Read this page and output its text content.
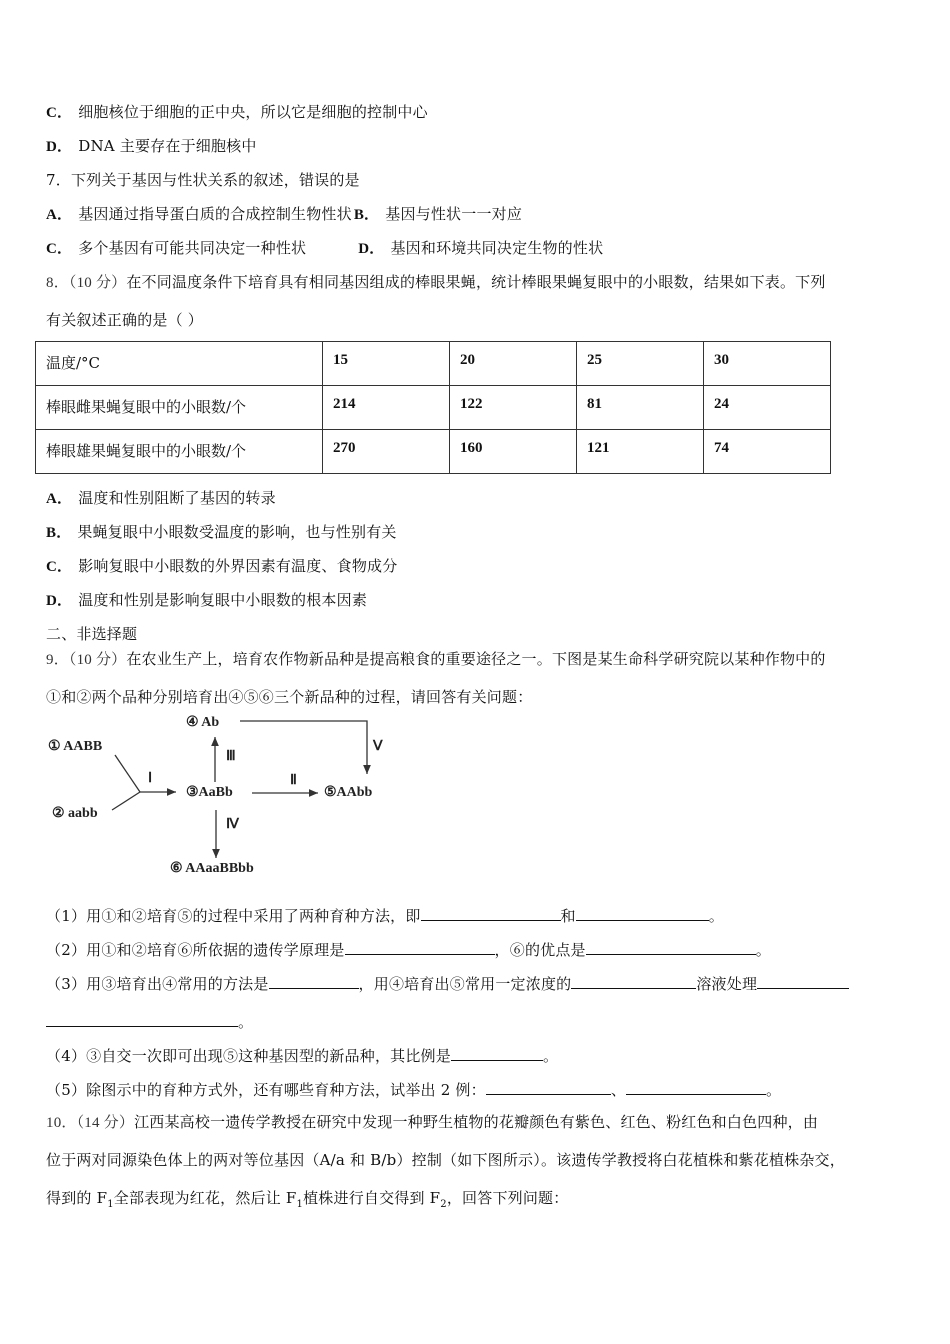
C． 细胞核位于细胞的正中央，所以它是细胞的控制中心
D． DNA 主要存在于细胞核中
7．下列关于基因与性状关系的叙述，错误的是
A． 基因通过指导蛋白质的合成控制生物性状 B． 基因与性状一一对应
C． 多个基因有可能共同决定一种性状	D． 基因和环境共同决定生物的性状
8．（10 分）在不同温度条件下培育具有相同基因组成的棒眼果蝇，统计棒眼果蝇复眼中的小眼数，结果如下表。下列
有关叙述正确的是（ ）
温度/°C	15	20	25	30
棒眼雌果蝇复眼中的小眼数/个	214	122	81	24
棒眼雄果蝇复眼中的小眼数/个	270	160	121	74
A． 温度和性别阻断了基因的转录
B． 果蝇复眼中小眼数受温度的影响，也与性别有关
C． 影响复眼中小眼数的外界因素有温度、食物成分
D． 温度和性别是影响复眼中小眼数的根本因素
二、非选择题
9．（10 分）在农业生产上，培育农作物新品种是提高粮食的重要途径之一。下图是某生命科学研究院以某种作物中的
①和②两个品种分别培育出④⑤⑥三个新品种的过程，请回答有关问题：
① AABB
② aabb
③AaBb
④ Ab
⑤AAbb
⑥ AAaaBBbb
Ⅰ	Ⅱ
Ⅲ
Ⅳ
Ⅴ
（1）用①和②培育⑤的过程中采用了两种育种方法，即	和	。
（2）用①和②培育⑥所依据的遗传学原理是	，⑥的优点是	。
（3）用③培育出④常用的方法是	，用④培育出⑤常用一定浓度的	溶液处理
。
（4）③自交一次即可出现⑤这种基因型的新品种，其比例是	。
（5）除图示中的育种方式外，还有哪些育种方法，试举出 2 例：	、	。
10．（14 分）江西某高校一遗传学教授在研究中发现一种野生植物的花瓣颜色有紫色、红色、粉红色和白色四种，由
位于两对同源染色体上的两对等位基因（A/a 和 B/b）控制（如下图所示）。该遗传学教授将白花植株和紫花植株杂交，
得到的 $F_1$全部表现为红花，然后让 $F_1$植株进行自交得到 $F_2$，回答下列问题：
